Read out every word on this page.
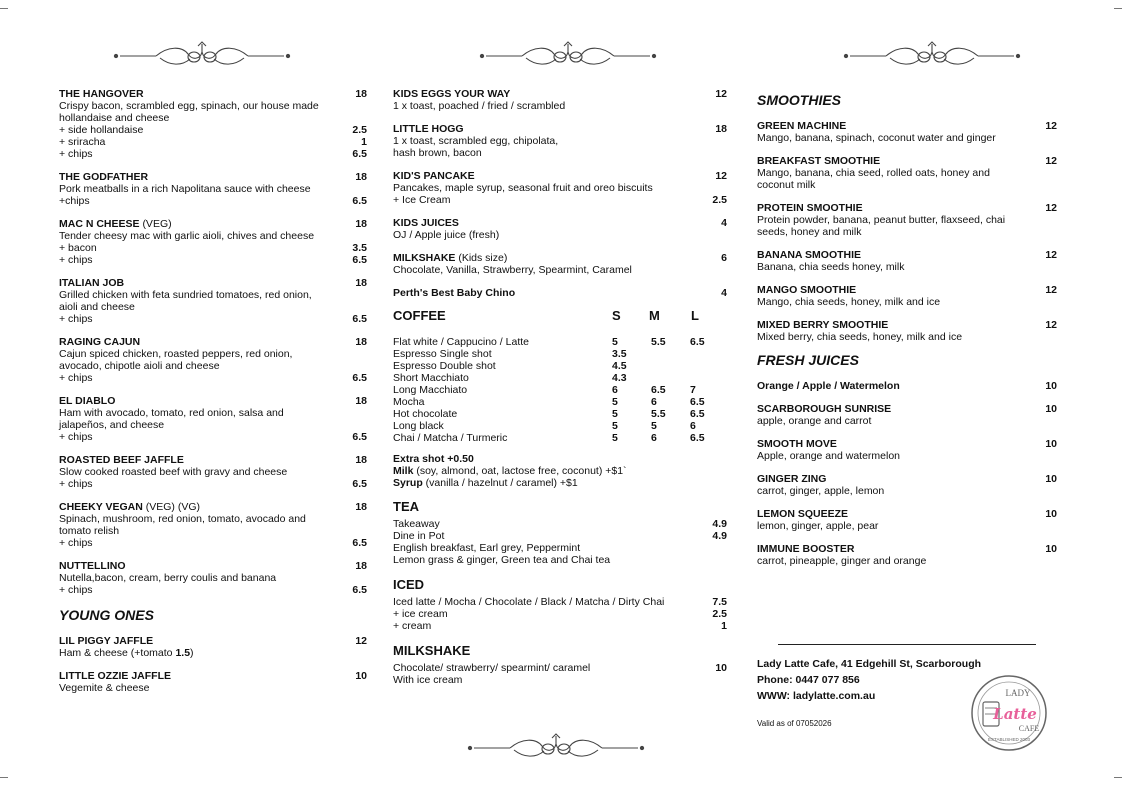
THE HANGOVER	18
Crispy bacon, scrambled egg, spinach, our house made hollandaise and cheese
+ side hollandaise	2.5
+ sriracha	1
+ chips	6.5
THE GODFATHER	18
Pork meatballs in a rich Napolitana sauce with cheese
+chips	6.5
MAC N CHEESE (VEG)	18
Tender cheesy mac with garlic aioli, chives and cheese
+ bacon	3.5
+ chips	6.5
ITALIAN JOB	18
Grilled chicken with feta sundried tomatoes, red onion, aioli and cheese
+ chips	6.5
RAGING CAJUN	18
Cajun spiced chicken, roasted peppers, red onion, avocado, chipotle aioli and cheese
+ chips	6.5
EL DIABLO	18
Ham with avocado, tomato, red onion, salsa and jalapeños, and cheese
+ chips	6.5
ROASTED BEEF JAFFLE	18
Slow cooked roasted beef with gravy and cheese
+ chips	6.5
CHEEKY VEGAN (VEG) (VG)	18
Spinach, mushroom, red onion, tomato, avocado and tomato relish
+ chips	6.5
NUTTELLINO	18
Nutella,bacon, cream, berry coulis and banana
+ chips	6.5
YOUNG ONES
LIL PIGGY JAFFLE	12
Ham & cheese (+tomato 1.5)
LITTLE OZZIE JAFFLE	10
Vegemite & cheese
KIDS EGGS YOUR WAY	12
1 x toast, poached / fried / scrambled
LITTLE HOGG	18
1 x toast, scrambled egg, chipolata,
hash brown, bacon
KID'S PANCAKE	12
Pancakes, maple syrup, seasonal fruit and oreo biscuits
+ Ice Cream	2.5
KIDS JUICES	4
OJ / Apple juice (fresh)
MILKSHAKE (Kids size)	6
Chocolate, Vanilla, Strawberry, Spearmint, Caramel
Perth's Best Baby Chino	4
COFFEE	S M L
Flat white / Cappucino / Latte	5	5.5 6.5
Espresso Single shot	3.5
Espresso Double shot	4.5
Short Macchiato	4.3
Long Macchiato	6	6.5 7
Mocha	5	6	6.5
Hot chocolate	5	5.5 6.5
Long black	5	5	6
Chai / Matcha / Turmeric	5	6	6.5
Extra shot +0.50
Milk (soy, almond, oat, lactose free, coconut) +$1`
Syrup (vanilla / hazelnut / caramel) +$1
TEA
Takeaway	4.9
Dine in Pot	4.9
English breakfast, Earl grey, Peppermint
Lemon grass & ginger, Green tea and Chai tea
ICED
Iced latte / Mocha / Chocolate / Black / Matcha / Dirty Chai	7.5
+ ice cream	2.5
+ cream	1
MILKSHAKE
Chocolate/ strawberry/ spearmint/ caramel	10
With ice cream
SMOOTHIES
GREEN MACHINE	12
Mango, banana, spinach, coconut water and ginger
BREAKFAST SMOOTHIE	12
Mango, banana, chia seed, rolled oats, honey and coconut milk
PROTEIN SMOOTHIE	12
Protein powder, banana, peanut butter, flaxseed, chai seeds, honey and milk
BANANA SMOOTHIE	12
Banana, chia seeds honey, milk
MANGO SMOOTHIE	12
Mango, chia seeds, honey, milk and ice
MIXED BERRY SMOOTHIE	12
Mixed berry, chia seeds, honey, milk and ice
FRESH JUICES
Orange / Apple / Watermelon	10
SCARBOROUGH SUNRISE	10
apple, orange and carrot
SMOOTH MOVE	10
Apple, orange and watermelon
GINGER ZING	10
carrot, ginger, apple, lemon
LEMON SQUEEZE	10
lemon, ginger, apple, pear
IMMUNE BOOSTER	10
carrot, pineapple, ginger and orange
Lady Latte Cafe, 41 Edgehill St, Scarborough
Phone: 0447 077 856
WWW: ladylatte.com.au
Valid as of 07052026
LADY
Latte
CAFE
ESTABLISHED 2003
